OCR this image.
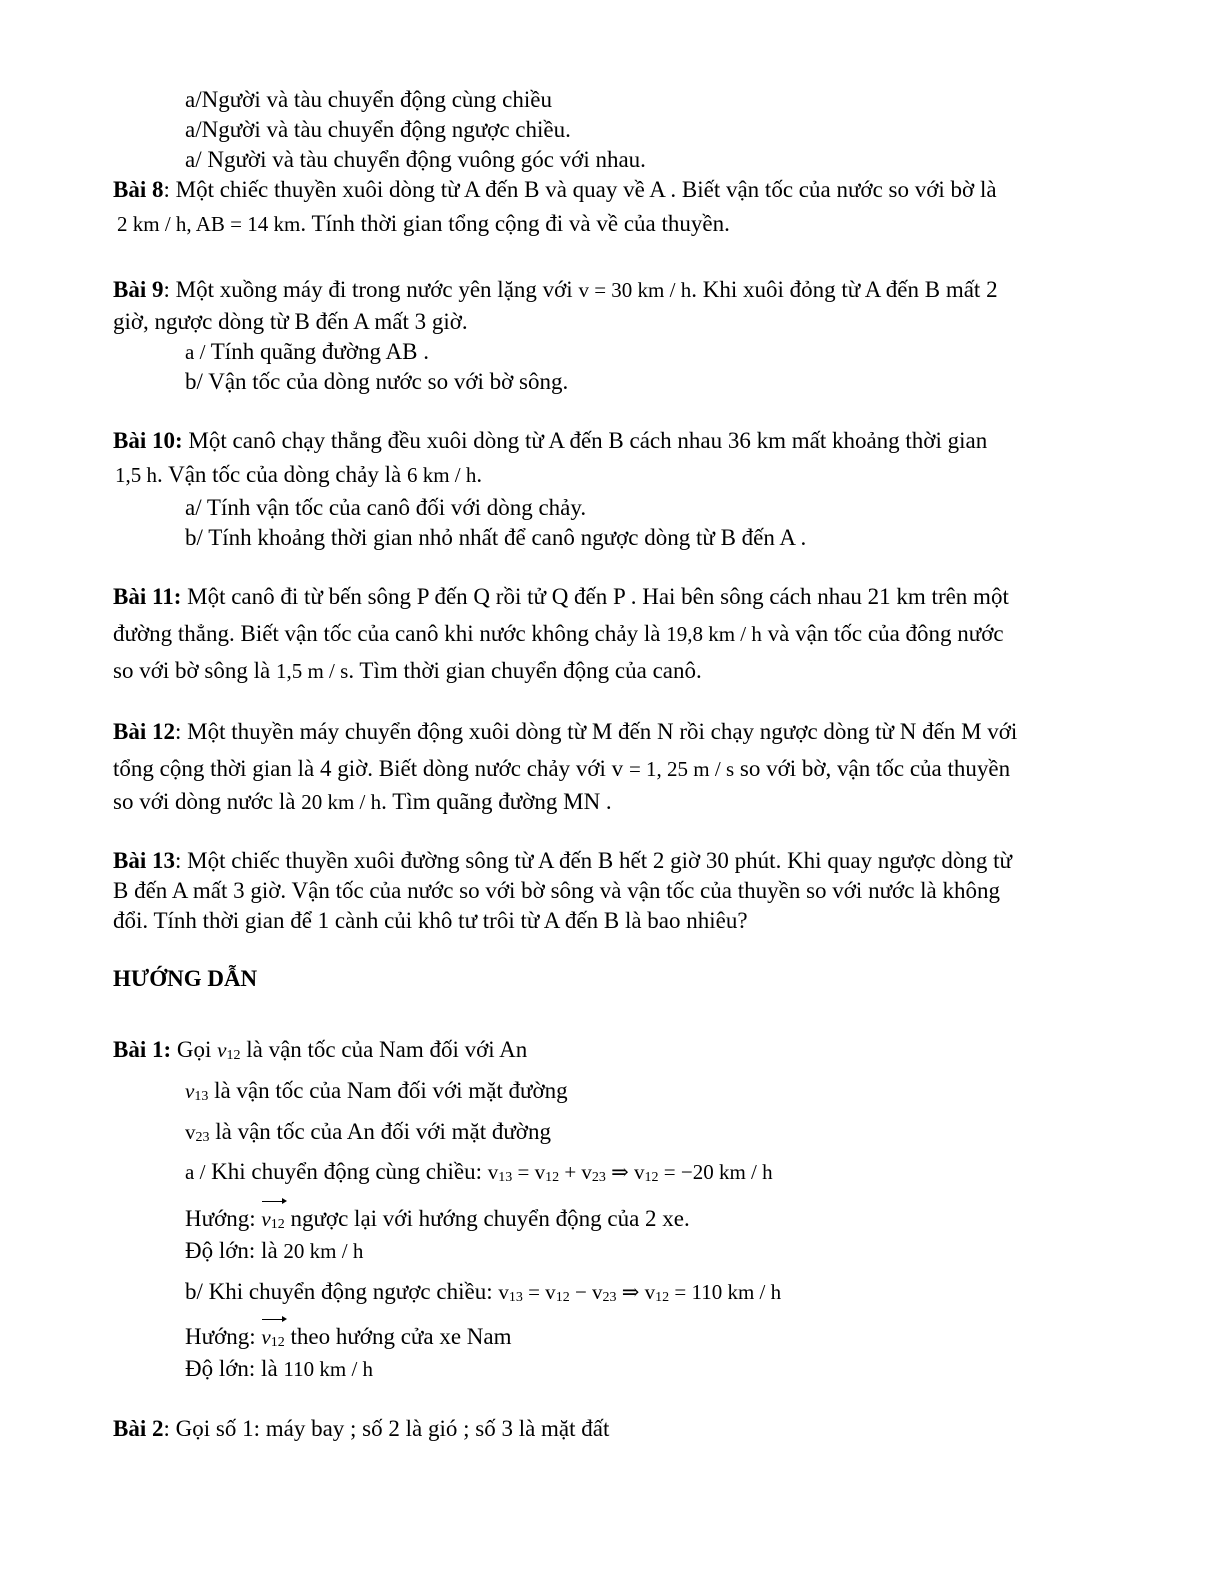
a/Người và tàu chuyển động cùng chiều
a/Người và tàu chuyển động ngược chiều.
a/ Người và tàu chuyển động vuông góc với nhau.
Bài 8: Một chiếc thuyền xuôi dòng từ A đến B và quay về A . Biết vận tốc của nước so với bờ là
2 km / h, AB = 14 km. Tính thời gian tổng cộng đi và về của thuyền.
Bài 9: Một xuồng máy đi trong nước yên lặng với v = 30 km / h. Khi xuôi đỏng từ A đến B mất 2
giờ, ngược dòng từ B đến A mất 3 giờ.
a / Tính quãng đường AB .
b/ Vận tốc của dòng nước so với bờ sông.
Bài 10: Một canô chạy thẳng đều xuôi dòng từ A đến B cách nhau 36 km mất khoảng thời gian
1,5 h. Vận tốc của dòng chảy là 6 km / h.
a/ Tính vận tốc của canô đối với dòng chảy.
b/ Tính khoảng thời gian nhỏ nhất để canô ngược dòng từ B đến A .
Bài 11: Một canô đi từ bến sông P đến Q rồi tử Q đến P . Hai bên sông cách nhau 21 km trên một
đường thẳng. Biết vận tốc của canô khi nước không chảy là 19,8 km / h và vận tốc của đông nước
so với bờ sông là 1,5 m / s. Tìm thời gian chuyển động của canô.
Bài 12: Một thuyền máy chuyển động xuôi dòng từ M đến N rồi chạy ngược dòng từ N đến M với
tổng cộng thời gian là 4 giờ. Biết dòng nước chảy với v = 1, 25 m / s so với bờ, vận tốc của thuyền
so với dòng nước là 20 km / h. Tìm quãng đường MN .
Bài 13: Một chiếc thuyền xuôi đường sông từ A đến B hết 2 giờ 30 phút. Khi quay ngược dòng từ
B đến A mất 3 giờ. Vận tốc của nước so với bờ sông và vận tốc của thuyền so với nước là không
đổi. Tính thời gian để 1 cành củi khô tư trôi từ A đến B là bao nhiêu?
HƯỚNG DẪN
Bài 1: Gọi $v_{12}$ là vận tốc của Nam đối với An
$v_{13}$ là vận tốc của Nam đối với mặt đường
$v_{23}$ là vận tốc của An đối với mặt đường
a / Khi chuyển động cùng chiều: $v_{13} = v_{12} + v_{23}$ ⇒ $v_{12} = -20$ km / h
Hướng: $v_{12}$ ngược lại với hướng chuyển động của 2 xe.
Độ lớn: là 20 km / h
b/ Khi chuyển động ngược chiều: $v_{13} = v_{12} - v_{23}$ ⇒ $v_{12} = 110$ km / h
Hướng: $v_{12}$ theo hướng cửa xe Nam
Độ lớn: là 110 km / h
Bài 2: Gọi số 1: máy bay ; số 2 là gió ; số 3 là mặt đất
